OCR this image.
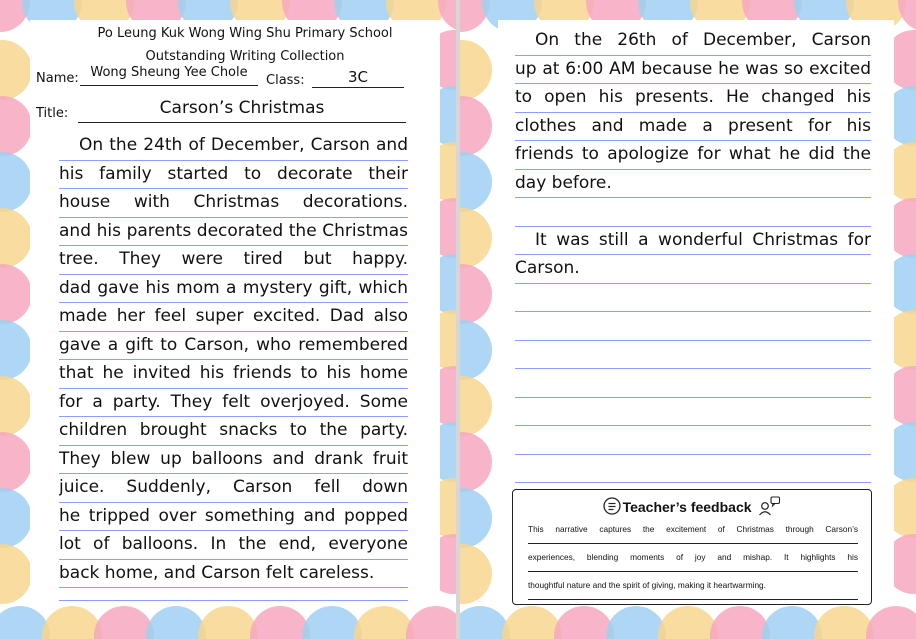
Po Leung Kuk Wong Wing Shu Primary School
Outstanding Writing Collection
Name: Wong Sheung Yee Chole
Class:	3C
Title:	Carson’s Christmas
On the 24th of December, Carson and
his family started to decorate their
house with Christmas decorations.
and his parents decorated the Christmas
tree. They were tired but happy.
dad gave his mom a mystery gift, which
made her feel super excited. Dad also
gave a gift to Carson, who remembered
that he invited his friends to his home
for a party. They felt overjoyed. Some
children brought snacks to the party.
They blew up balloons and drank fruit
juice. Suddenly, Carson fell down
he tripped over something and popped
lot of balloons. In the end, everyone
back home, and Carson felt careless.
On the 26th of December, Carson
up at 6:00 AM because he was so excited
to open his presents. He changed his
clothes and made a present for his
friends to apologize for what he did the
day before.
It was still a wonderful Christmas for
Carson.
Teacher’s feedback
This narrative captures the excitement of Christmas through Carson’s
experiences, blending moments of joy and mishap. It highlights his
thoughtful nature and the spirit of giving, making it heartwarming.
